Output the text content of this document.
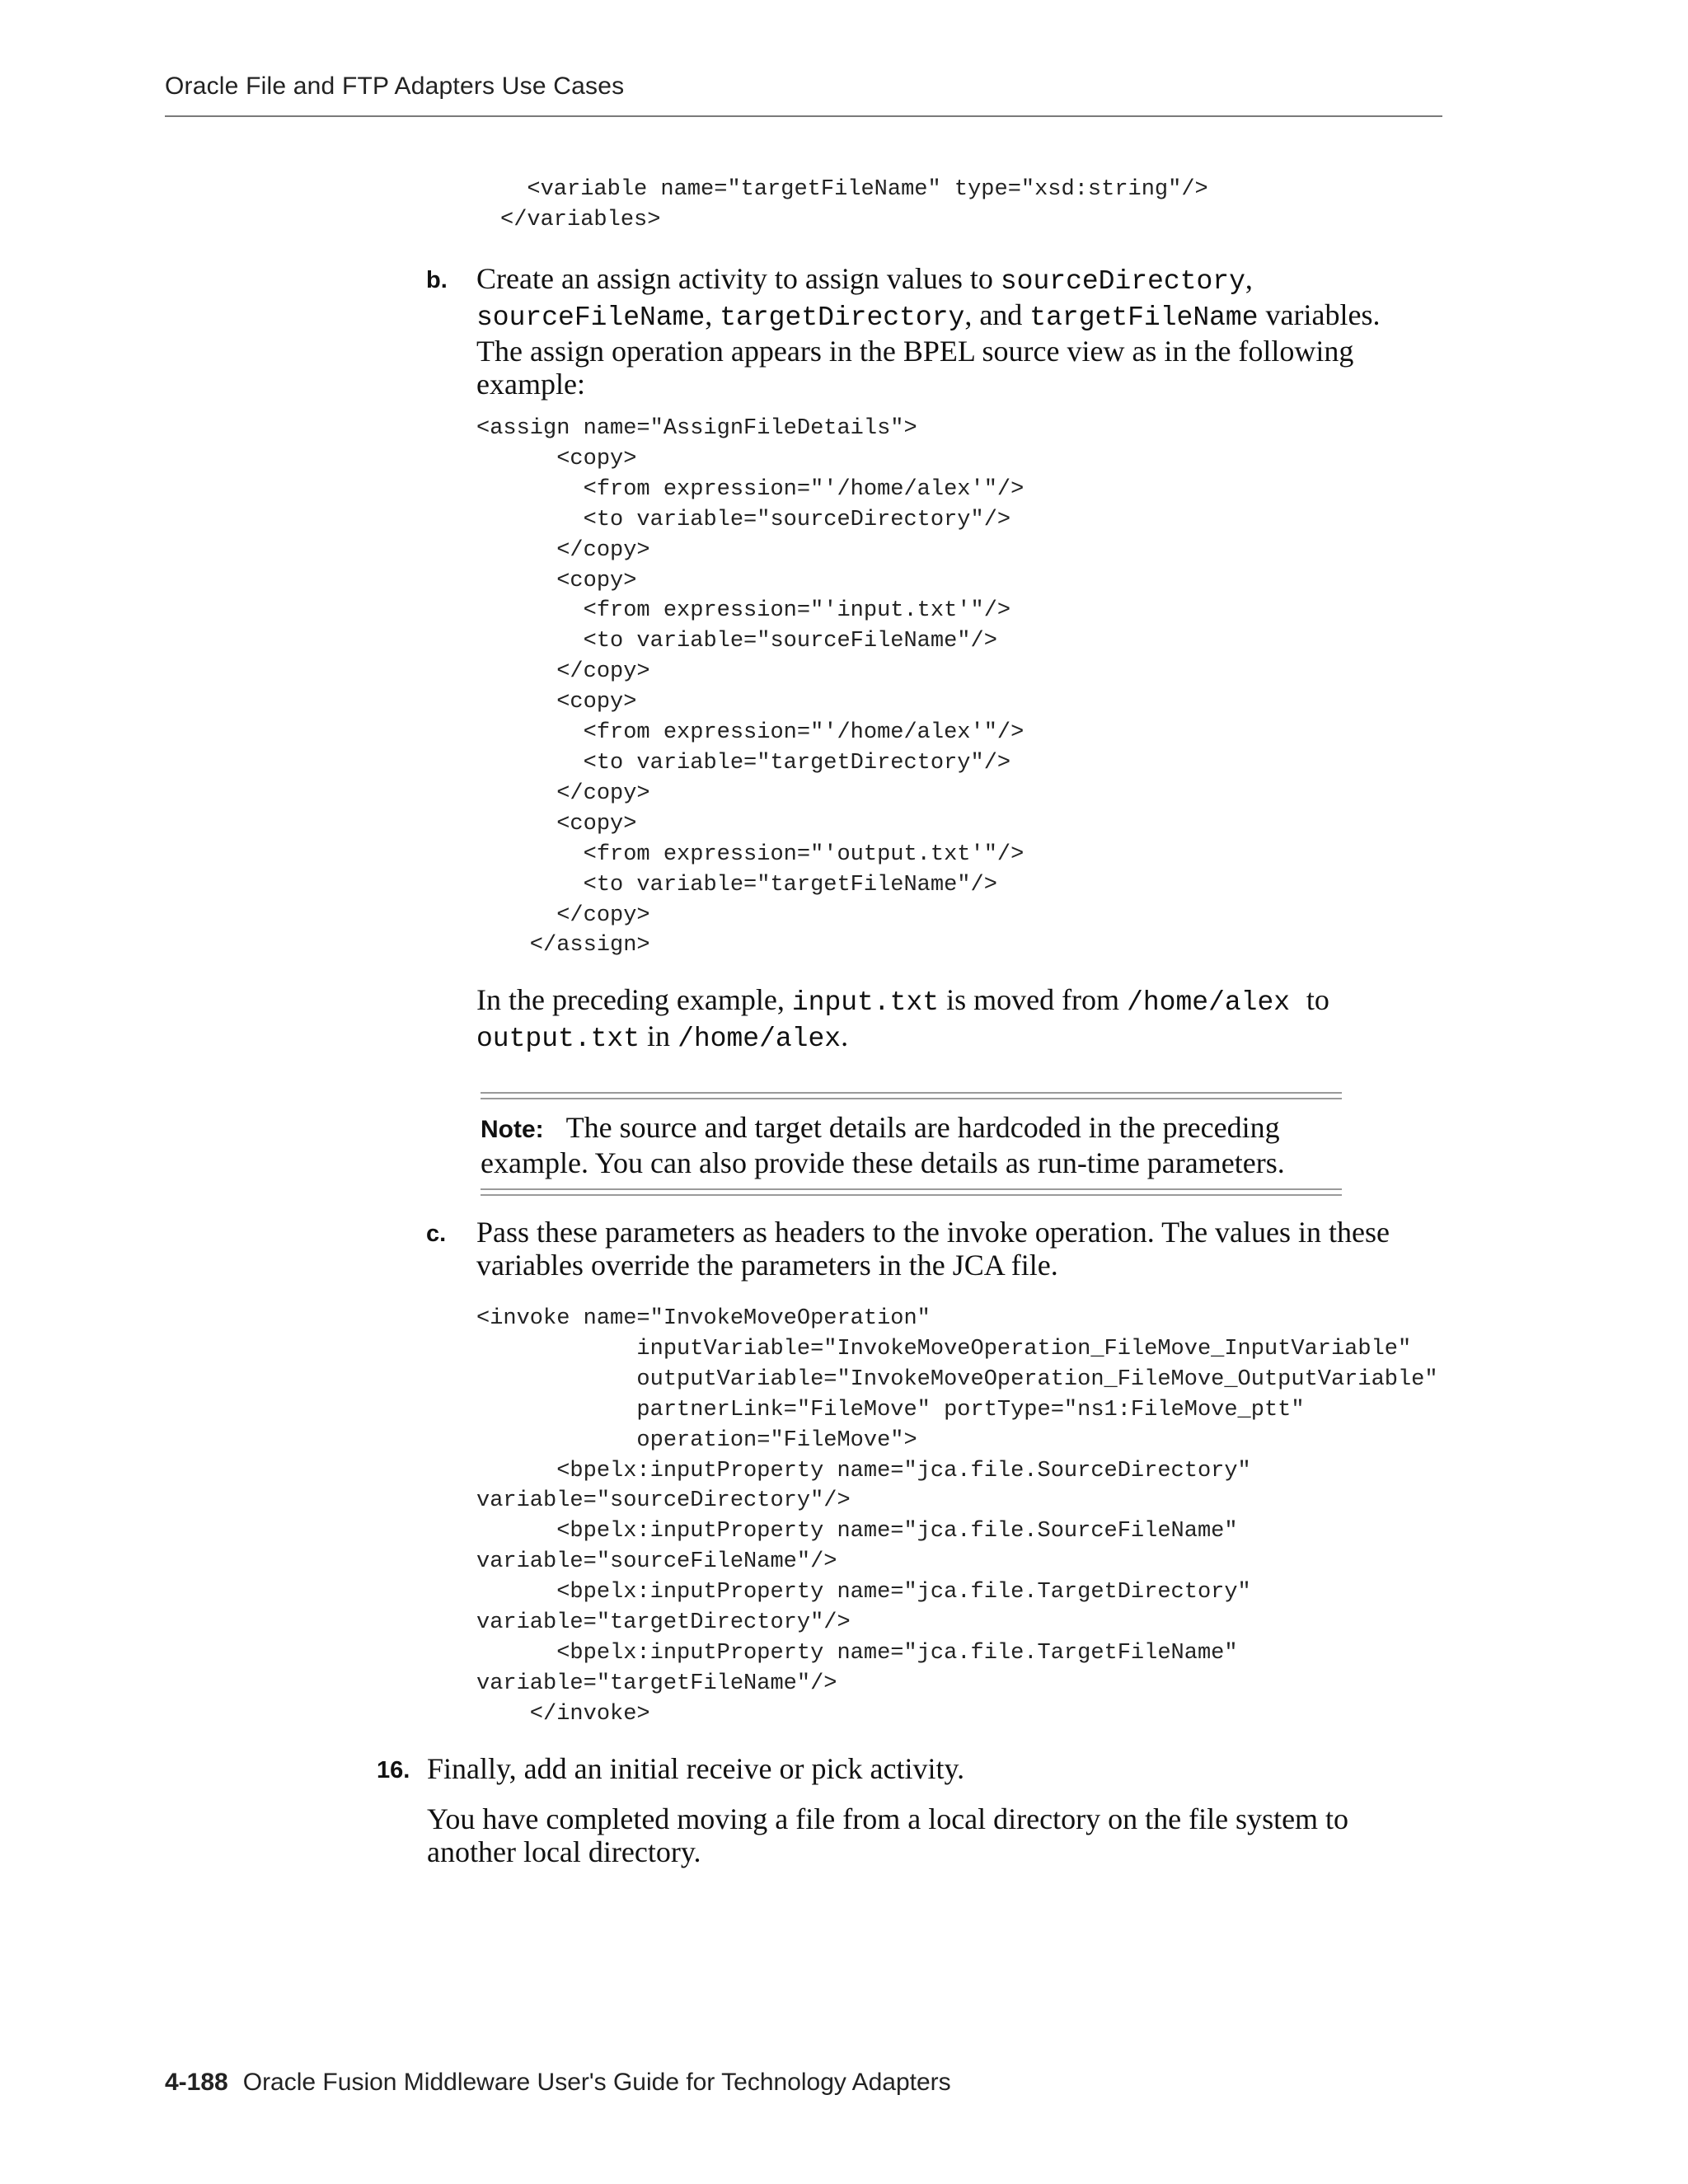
Oracle File and FTP Adapters Use Cases
<variable name="targetFileName" type="xsd:string"/>
</variables>
b. Create an assign activity to assign values to sourceDirectory, sourceFileName, targetDirectory, and targetFileName variables. The assign operation appears in the BPEL source view as in the following example:
<assign name="AssignFileDetails">
<copy>
<from expression="'/home/alex'"/>
<to variable="sourceDirectory"/>
</copy>
<copy>
<from expression="'input.txt'"/>
<to variable="sourceFileName"/>
</copy>
<copy>
<from expression="'/home/alex'"/>
<to variable="targetDirectory"/>
</copy>
<copy>
<from expression="'output.txt'"/>
<to variable="targetFileName"/>
</copy>
</assign>
In the preceding example, input.txt is moved from /home/alex to
output.txt in /home/alex.
Note: The source and target details are hardcoded in the preceding example. You can also provide these details as run-time parameters.
c. Pass these parameters as headers to the invoke operation. The values in these variables override the parameters in the JCA file.
<invoke name="InvokeMoveOperation"
inputVariable="InvokeMoveOperation_FileMove_InputVariable"
outputVariable="InvokeMoveOperation_FileMove_OutputVariable"
partnerLink="FileMove" portType="ns1:FileMove_ptt"
operation="FileMove">
<bpelx:inputProperty name="jca.file.SourceDirectory"
variable="sourceDirectory"/>
<bpelx:inputProperty name="jca.file.SourceFileName"
variable="sourceFileName"/>
<bpelx:inputProperty name="jca.file.TargetDirectory"
variable="targetDirectory"/>
<bpelx:inputProperty name="jca.file.TargetFileName"
variable="targetFileName"/>
</invoke>
16. Finally, add an initial receive or pick activity.
You have completed moving a file from a local directory on the file system to another local directory.
4-188 Oracle Fusion Middleware User's Guide for Technology Adapters
